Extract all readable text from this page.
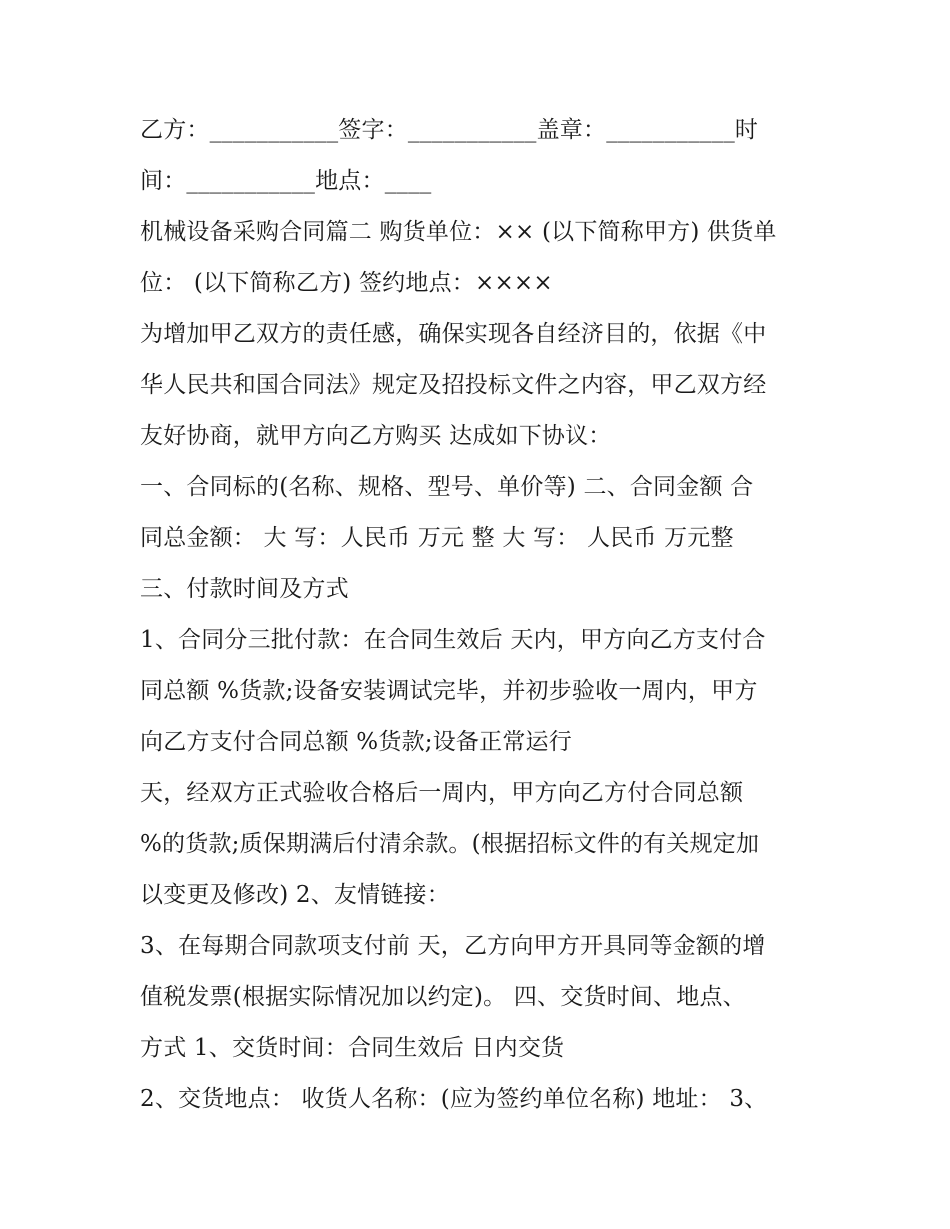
乙方：___________签字：___________盖章：___________时
间：___________地点：____
机械设备采购合同篇二 购货单位：×× (以下简称甲方) 供货单
位： (以下简称乙方) 签约地点：××××
为增加甲乙双方的责任感，确保实现各自经济目的，依据《中
华人民共和国合同法》规定及招投标文件之内容，甲乙双方经
友好协商，就甲方向乙方购买 达成如下协议：
一、合同标的(名称、规格、型号、单价等) 二、合同金额 合
同总金额： 大 写：人民币 万元 整 大 写： 人民币 万元整
三、付款时间及方式
1、合同分三批付款：在合同生效后 天内，甲方向乙方支付合
同总额 %货款;设备安装调试完毕，并初步验收一周内，甲方
向乙方支付合同总额 %货款;设备正常运行
天，经双方正式验收合格后一周内，甲方向乙方付合同总额
%的货款;质保期满后付清余款。(根据招标文件的有关规定加
以变更及修改) 2、友情链接：
3、在每期合同款项支付前 天，乙方向甲方开具同等金额的增
值税发票(根据实际情况加以约定)。 四、交货时间、地点、
方式 1、交货时间：合同生效后 日内交货
2、交货地点： 收货人名称：(应为签约单位名称) 地址： 3、
